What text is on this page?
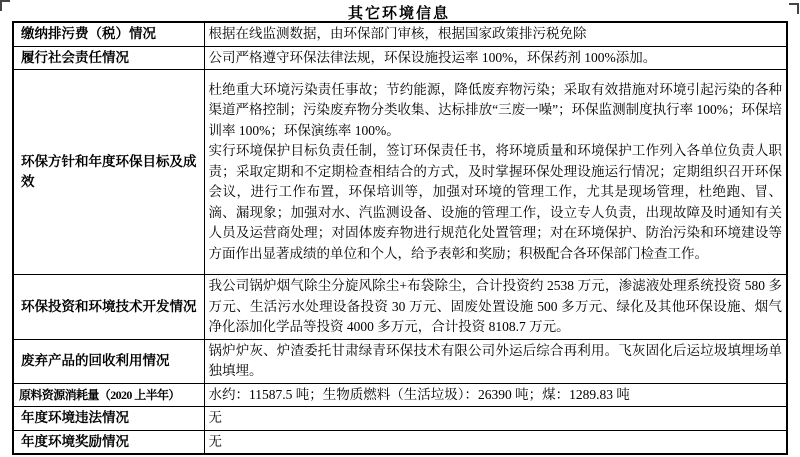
其它环境信息
缴纳排污费（税）情况	根据在线监测数据，由环保部门审核，根据国家政策排污税免除
履行社会责任情况	公司严格遵守环保法律法规，环保设施投运率 100%，环保药剂 100%添加。
环保方针和年度环保目标及成效	杜绝重大环境污染责任事故；节约能源，降低废弃物污染；采取有效措施对环境引起污染的各种渠道严格控制；污染废弃物分类收集、达标排放“三废一噪”；环保监测制度执行率 100%；环保培训率 100%；环保演练率 100%。

实行环境保护目标负责任制，签订环保责任书，将环境质量和环境保护工作列入各单位负责人职责；采取定期和不定期检查相结合的方式，及时掌握环保处理设施运行情况；定期组织召开环保会议，进行工作布置，环保培训等，加强对环境的管理工作，尤其是现场管理，杜绝跑、冒、滴、漏现象；加强对水、汽监测设备、设施的管理工作，设立专人负责，出现故障及时通知有关人员及运营商处理；对固体废弃物进行规范化处置管理；对在环境保护、防治污染和环境建设等方面作出显著成绩的单位和个人，给予表彰和奖励；积极配合各环保部门检查工作。

环保投资和环境技术开发情况	我公司锅炉烟气除尘分旋风除尘+布袋除尘，合计投资约 2538 万元，渗滤液处理系统投资 580 多万元、生活污水处理设备投资 30 万元、固废处置设施 500 多万元、绿化及其他环保设施、烟气净化添加化学品等投资 4000 多万元，合计投资 8108.7 万元。
废弃产品的回收利用情况	锅炉炉灰、炉渣委托甘肃绿青环保技术有限公司外运后综合再利用。飞灰固化后运垃圾填埋场单独填埋。
原料资源消耗量（2020 上半年）	水约：11587.5 吨；生物质燃料（生活垃圾）：26390 吨；煤：1289.83 吨
年度环境违法情况	无
年度环境奖励情况	无
